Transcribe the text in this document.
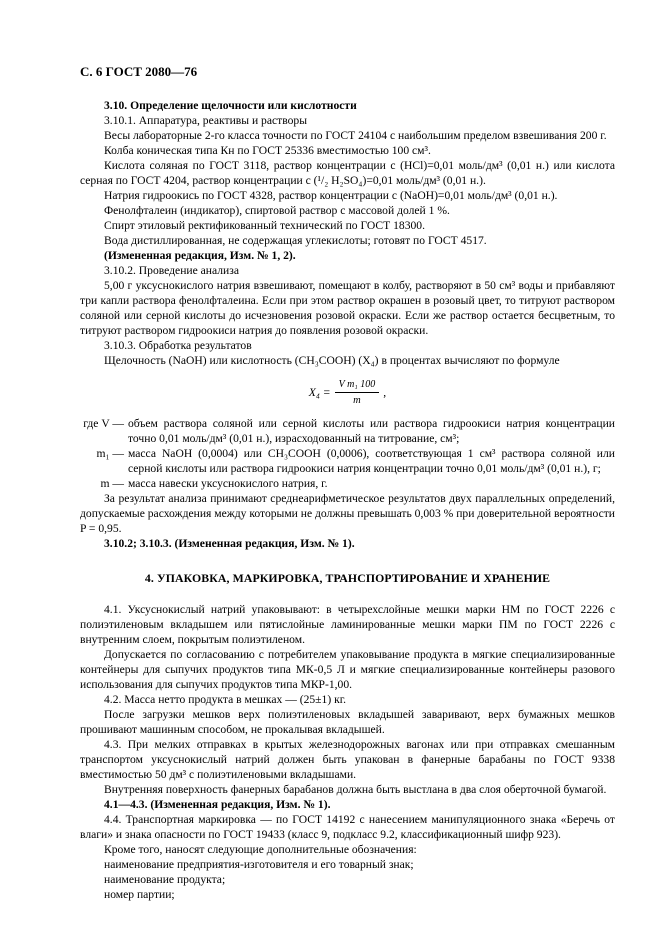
С. 6 ГОСТ 2080—76

3.10. Определение щелочности или кислотности

3.10.1. Аппаратура, реактивы и растворы

Весы лабораторные 2-го класса точности по ГОСТ 24104 с наибольшим пределом взвешивания 200 г.

Колба коническая типа Кн по ГОСТ 25336 вместимостью 100 см³.

Кислота соляная по ГОСТ 3118, раствор концентрации c (HCl)=0,01 моль/дм³ (0,01 н.) или кислота серная по ГОСТ 4204, раствор концентрации c (¹/₂ H₂SO₄)=0,01 моль/дм³ (0,01 н.).

Натрия гидроокись по ГОСТ 4328, раствор концентрации c (NaOH)=0,01 моль/дм³ (0,01 н.).

Фенолфталеин (индикатор), спиртовой раствор с массовой долей 1 %.

Спирт этиловый ректификованный технический по ГОСТ 18300.

Вода дистиллированная, не содержащая углекислоты; готовят по ГОСТ 4517.

(Измененная редакция, Изм. № 1, 2).

3.10.2. Проведение анализа

5,00 г уксуснокислого натрия взвешивают, помещают в колбу, растворяют в 50 см³ воды и прибавляют три капли раствора фенолфталеина. Если при этом раствор окрашен в розовый цвет, то титруют раствором соляной или серной кислоты до исчезновения розовой окраски. Если же раствор остается бесцветным, то титруют раствором гидроокиси натрия до появления розовой окраски.

3.10.3. Обработка результатов

Щелочность (NaOH) или кислотность (CH₃COOH) (X₄) в процентах вычисляют по формуле

$X_4 = \frac{\text{V m₁ 100}}{m}$ ,
где V — объем раствора соляной или серной кислоты или раствора гидроокиси натрия концентрации точно 0,01 моль/дм³ (0,01 н.), израсходованный на титрование, см³;
m₁ — масса NaOH (0,0004) или CH₃COOH (0,0006), соответствующая 1 см³ раствора соляной или серной кислоты или раствора гидроокиси натрия концентрации точно 0,01 моль/дм³ (0,01 н.), г;
m — масса навески уксуснокислого натрия, г.

За результат анализа принимают среднеарифметическое результатов двух параллельных определений, допускаемые расхождения между которыми не должны превышать 0,003 % при доверительной вероятности P = 0,95.

3.10.2; 3.10.3. (Измененная редакция, Изм. № 1).

4. УПАКОВКА, МАРКИРОВКА, ТРАНСПОРТИРОВАНИЕ И ХРАНЕНИЕ

4.1. Уксуснокислый натрий упаковывают: в четырехслойные мешки марки НМ по ГОСТ 2226 с полиэтиленовым вкладышем или пятислойные ламинированные мешки марки ПМ по ГОСТ 2226 с внутренним слоем, покрытым полиэтиленом.

Допускается по согласованию с потребителем упаковывание продукта в мягкие специализированные контейнеры для сыпучих продуктов типа МК-0,5 Л и мягкие специализированные контейнеры разового использования для сыпучих продуктов типа МКР-1,00.

4.2. Масса нетто продукта в мешках — (25±1) кг.

После загрузки мешков верх полиэтиленовых вкладышей заваривают, верх бумажных мешков прошивают машинным способом, не прокалывая вкладышей.

4.3. При мелких отправках в крытых железнодорожных вагонах или при отправках смешанным транспортом уксуснокислый натрий должен быть упакован в фанерные барабаны по ГОСТ 9338 вместимостью 50 дм³ с полиэтиленовыми вкладышами.

Внутренняя поверхность фанерных барабанов должна быть выстлана в два слоя оберточной бумагой.

4.1—4.3. (Измененная редакция, Изм. № 1).

4.4. Транспортная маркировка — по ГОСТ 14192 с нанесением манипуляционного знака «Беречь от влаги» и знака опасности по ГОСТ 19433 (класс 9, подкласс 9.2, классификационный шифр 923).

Кроме того, наносят следующие дополнительные обозначения:

наименование предприятия-изготовителя и его товарный знак;

наименование продукта;

номер партии;
